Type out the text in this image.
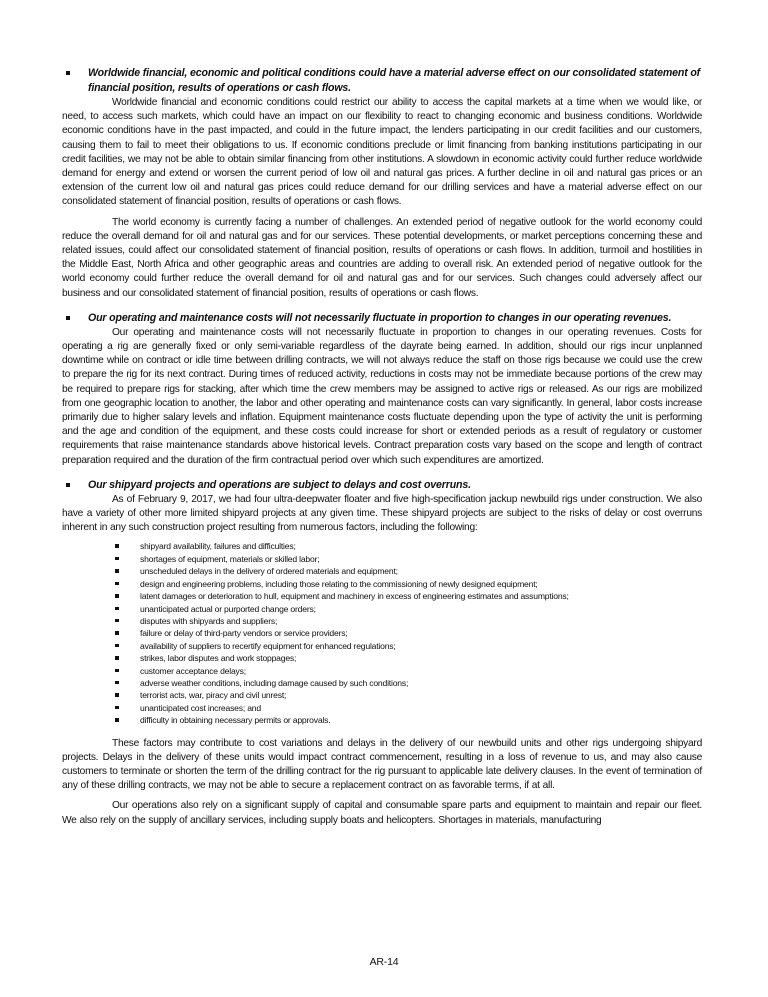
Worldwide financial, economic and political conditions could have a material adverse effect on our consolidated statement of financial position, results of operations or cash flows.

Worldwide financial and economic conditions could restrict our ability to access the capital markets at a time when we would like, or need, to access such markets, which could have an impact on our flexibility to react to changing economic and business conditions. Worldwide economic conditions have in the past impacted, and could in the future impact, the lenders participating in our credit facilities and our customers, causing them to fail to meet their obligations to us. If economic conditions preclude or limit financing from banking institutions participating in our credit facilities, we may not be able to obtain similar financing from other institutions. A slowdown in economic activity could further reduce worldwide demand for energy and extend or worsen the current period of low oil and natural gas prices. A further decline in oil and natural gas prices or an extension of the current low oil and natural gas prices could reduce demand for our drilling services and have a material adverse effect on our consolidated statement of financial position, results of operations or cash flows.

The world economy is currently facing a number of challenges. An extended period of negative outlook for the world economy could reduce the overall demand for oil and natural gas and for our services. These potential developments, or market perceptions concerning these and related issues, could affect our consolidated statement of financial position, results of operations or cash flows. In addition, turmoil and hostilities in the Middle East, North Africa and other geographic areas and countries are adding to overall risk. An extended period of negative outlook for the world economy could further reduce the overall demand for oil and natural gas and for our services. Such changes could adversely affect our business and our consolidated statement of financial position, results of operations or cash flows.

Our operating and maintenance costs will not necessarily fluctuate in proportion to changes in our operating revenues.

Our operating and maintenance costs will not necessarily fluctuate in proportion to changes in our operating revenues. Costs for operating a rig are generally fixed or only semi-variable regardless of the dayrate being earned. In addition, should our rigs incur unplanned downtime while on contract or idle time between drilling contracts, we will not always reduce the staff on those rigs because we could use the crew to prepare the rig for its next contract. During times of reduced activity, reductions in costs may not be immediate because portions of the crew may be required to prepare rigs for stacking, after which time the crew members may be assigned to active rigs or released. As our rigs are mobilized from one geographic location to another, the labor and other operating and maintenance costs can vary significantly. In general, labor costs increase primarily due to higher salary levels and inflation. Equipment maintenance costs fluctuate depending upon the type of activity the unit is performing and the age and condition of the equipment, and these costs could increase for short or extended periods as a result of regulatory or customer requirements that raise maintenance standards above historical levels. Contract preparation costs vary based on the scope and length of contract preparation required and the duration of the firm contractual period over which such expenditures are amortized.

Our shipyard projects and operations are subject to delays and cost overruns.

As of February 9, 2017, we had four ultra-deepwater floater and five high-specification jackup newbuild rigs under construction. We also have a variety of other more limited shipyard projects at any given time. These shipyard projects are subject to the risks of delay or cost overruns inherent in any such construction project resulting from numerous factors, including the following:

shipyard availability, failures and difficulties;
shortages of equipment, materials or skilled labor;
unscheduled delays in the delivery of ordered materials and equipment;
design and engineering problems, including those relating to the commissioning of newly designed equipment;
latent damages or deterioration to hull, equipment and machinery in excess of engineering estimates and assumptions;
unanticipated actual or purported change orders;
disputes with shipyards and suppliers;
failure or delay of third-party vendors or service providers;
availability of suppliers to recertify equipment for enhanced regulations;
strikes, labor disputes and work stoppages;
customer acceptance delays;
adverse weather conditions, including damage caused by such conditions;
terrorist acts, war, piracy and civil unrest;
unanticipated cost increases; and
difficulty in obtaining necessary permits or approvals.

These factors may contribute to cost variations and delays in the delivery of our newbuild units and other rigs undergoing shipyard projects. Delays in the delivery of these units would impact contract commencement, resulting in a loss of revenue to us, and may also cause customers to terminate or shorten the term of the drilling contract for the rig pursuant to applicable late delivery clauses. In the event of termination of any of these drilling contracts, we may not be able to secure a replacement contract on as favorable terms, if at all.

Our operations also rely on a significant supply of capital and consumable spare parts and equipment to maintain and repair our fleet. We also rely on the supply of ancillary services, including supply boats and helicopters. Shortages in materials, manufacturing

AR-14
